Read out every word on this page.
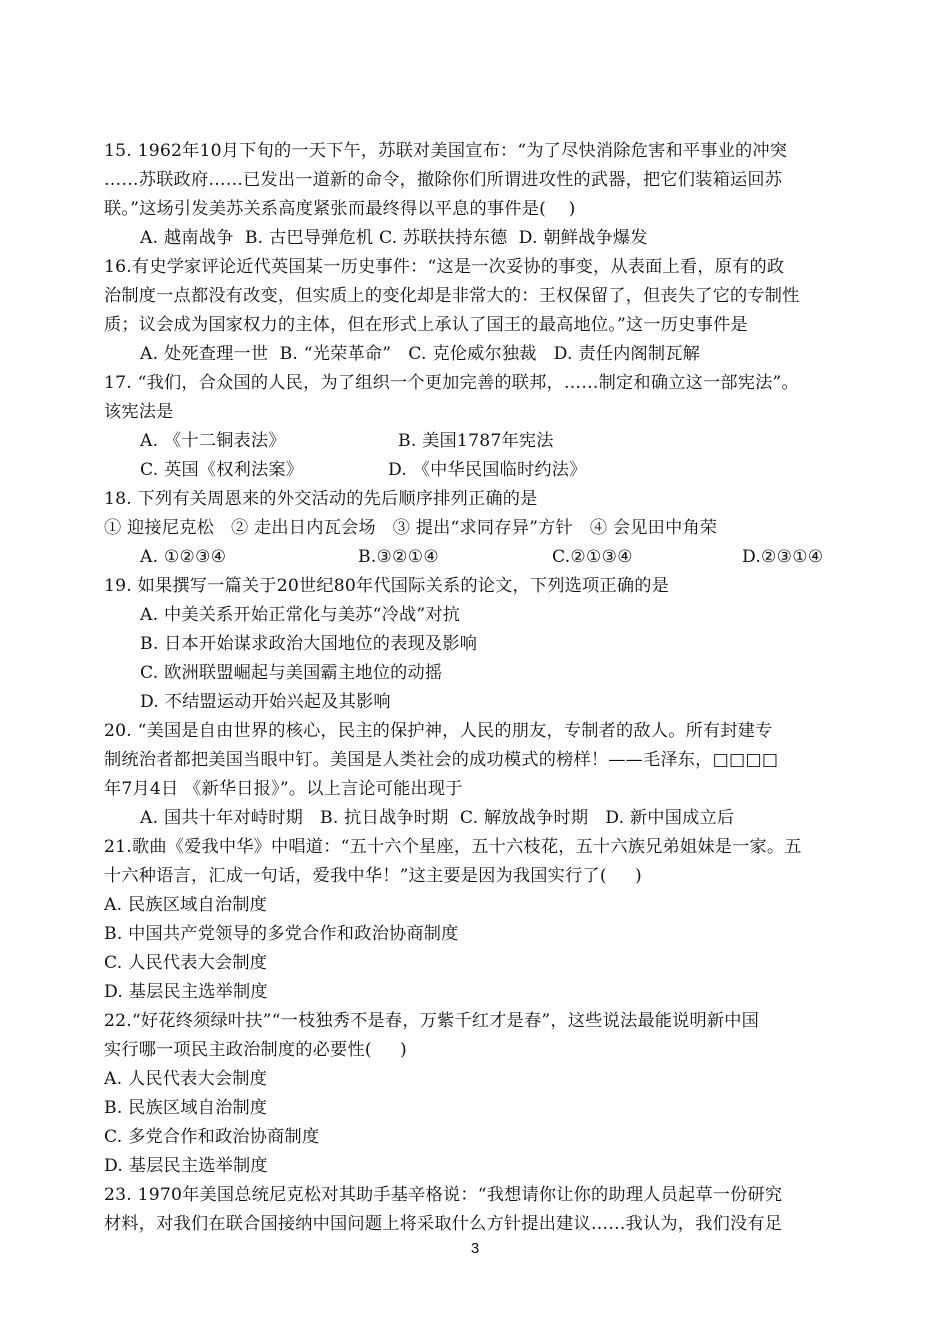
15. 1962年10月下旬的一天下午，苏联对美国宣布：“为了尽快消除危害和平事业的冲突
……苏联政府……已发出一道新的命令，撤除你们所谓进攻性的武器，把它们装箱运回苏
联。”这场引发美苏关系高度紧张而最终得以平息的事件是(    )
A. 越南战争  B. 古巴导弹危机 C. 苏联扶持东德  D. 朝鲜战争爆发
16.有史学家评论近代英国某一历史事件：“这是一次妥协的事变，从表面上看，原有的政
治制度一点都没有改变，但实质上的变化却是非常大的：王权保留了，但丧失了它的专制性
质；议会成为国家权力的主体，但在形式上承认了国王的最高地位。”这一历史事件是
A. 处死查理一世  B. “光荣革命”   C. 克伦威尔独裁   D. 责任内阁制瓦解
17. “我们，合众国的人民，为了组织一个更加完善的联邦，……制定和确立这一部宪法”。
该宪法是
A. 《十二铜表法》	B. 美国1787年宪法
C. 英国《权利法案》	D. 《中华民国临时约法》
18. 下列有关周恩来的外交活动的先后顺序排列正确的是
① 迎接尼克松   ② 走出日内瓦会场   ③ 提出“求同存异”方针   ④ 会见田中角荣
A. ①②③④	B.③②①④	C.②①③④	D.②③①④
19. 如果撰写一篇关于20世纪80年代国际关系的论文，下列选项正确的是
A. 中美关系开始正常化与美苏“冷战”对抗
B. 日本开始谋求政治大国地位的表现及影响
C. 欧洲联盟崛起与美国霸主地位的动摇
D. 不结盟运动开始兴起及其影响
20. “美国是自由世界的核心，民主的保护神，人民的朋友，专制者的敌人。所有封建专
制统治者都把美国当眼中钉。美国是人类社会的成功模式的榜样！——毛泽东，□□□□
年7月4日 《新华日报》”。以上言论可能出现于
A. 国共十年对峙时期   B. 抗日战争时期  C. 解放战争时期   D. 新中国成立后
21.歌曲《爱我中华》中唱道：“五十六个星座，五十六枝花，五十六族兄弟姐妹是一家。五
十六种语言，汇成一句话，爱我中华！”这主要是因为我国实行了(     )
A. 民族区域自治制度
B. 中国共产党领导的多党合作和政治协商制度
C. 人民代表大会制度
D. 基层民主选举制度
22.“好花终须绿叶扶”“一枝独秀不是春，万紫千红才是春”，这些说法最能说明新中国
实行哪一项民主政治制度的必要性(     )
A. 人民代表大会制度
B. 民族区域自治制度
C. 多党合作和政治协商制度
D. 基层民主选举制度
23. 1970年美国总统尼克松对其助手基辛格说：“我想请你让你的助理人员起草一份研究
材料，对我们在联合国接纳中国问题上将采取什么方针提出建议……我认为，我们没有足
3
